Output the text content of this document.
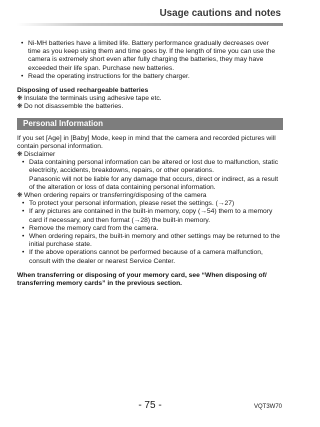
Usage cautions and notes
• Ni-MH batteries have a limited life. Battery performance gradually decreases over time as you keep using them and time goes by. If the length of time you can use the camera is extremely short even after fully charging the batteries, they may have exceeded their life span. Purchase new batteries.
• Read the operating instructions for the battery charger.
Disposing of used rechargeable batteries
❋ Insulate the terminals using adhesive tape etc.
❋ Do not disassemble the batteries.
Personal Information
If you set [Age] in [Baby] Mode, keep in mind that the camera and recorded pictures will contain personal information.
❋ Disclaimer
• Data containing personal information can be altered or lost due to malfunction, static electricity, accidents, breakdowns, repairs, or other operations.
Panasonic will not be liable for any damage that occurs, direct or indirect, as a result of the alteration or loss of data containing personal information.
❋ When ordering repairs or transferring/disposing of the camera
• To protect your personal information, please reset the settings. (→27)
• If any pictures are contained in the built-in memory, copy (→54) them to a memory card if necessary, and then format (→28) the built-in memory.
• Remove the memory card from the camera.
• When ordering repairs, the built-in memory and other settings may be returned to the initial purchase state.
• If the above operations cannot be performed because of a camera malfunction, consult with the dealer or nearest Service Center.
When transferring or disposing of your memory card, see “When disposing of/ transferring memory cards” in the previous section.
- 75 -	VQT3W70
